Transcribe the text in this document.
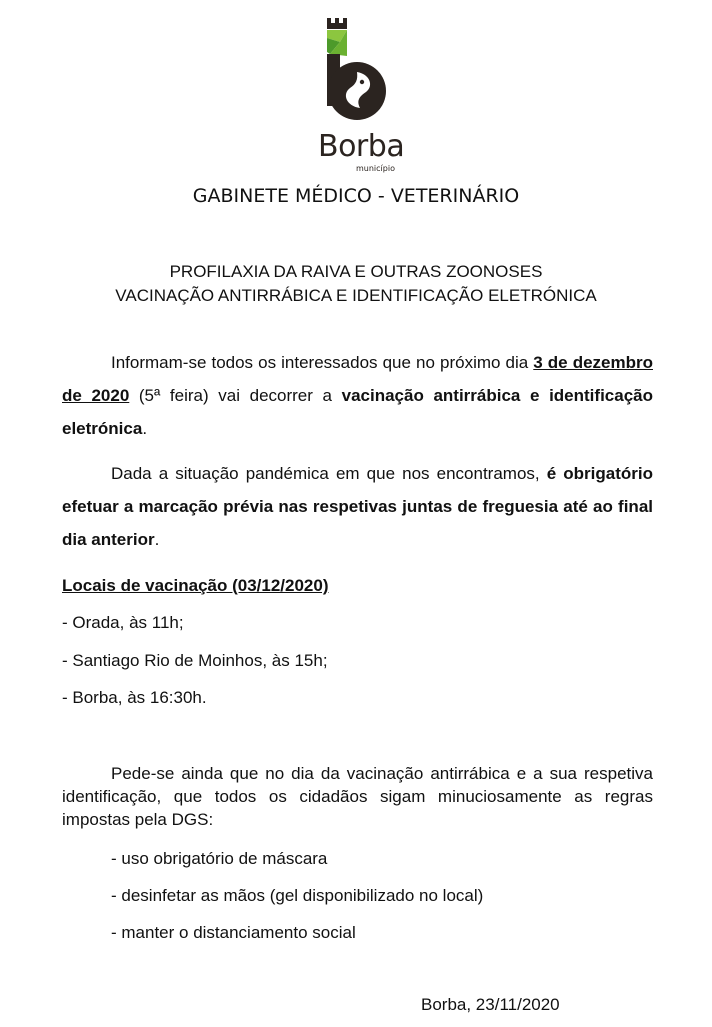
Borba
município
GABINETE MÉDICO - VETERINÁRIO
PROFILAXIA DA RAIVA E OUTRAS ZOONOSES
VACINAÇÃO ANTIRRÁBICA E IDENTIFICAÇÃO ELETRÓNICA

Informam-se todos os interessados que no próximo dia 3 de dezembro de 2020 (5ª feira) vai decorrer a vacinação antirrábica e identificação eletrónica.

Dada a situação pandémica em que nos encontramos, é obrigatório efetuar a marcação prévia nas respetivas juntas de freguesia até ao final dia anterior.

Locais de vacinação (03/12/2020)

- Orada, às 11h;

- Santiago Rio de Moinhos, às 15h;

- Borba, às 16:30h.

Pede-se ainda que no dia da vacinação antirrábica e a sua respetiva identificação, que todos os cidadãos sigam minuciosamente as regras impostas pela DGS:

- uso obrigatório de máscara

- desinfetar as mãos (gel disponibilizado no local)

- manter o distanciamento social

Borba, 23/11/2020
